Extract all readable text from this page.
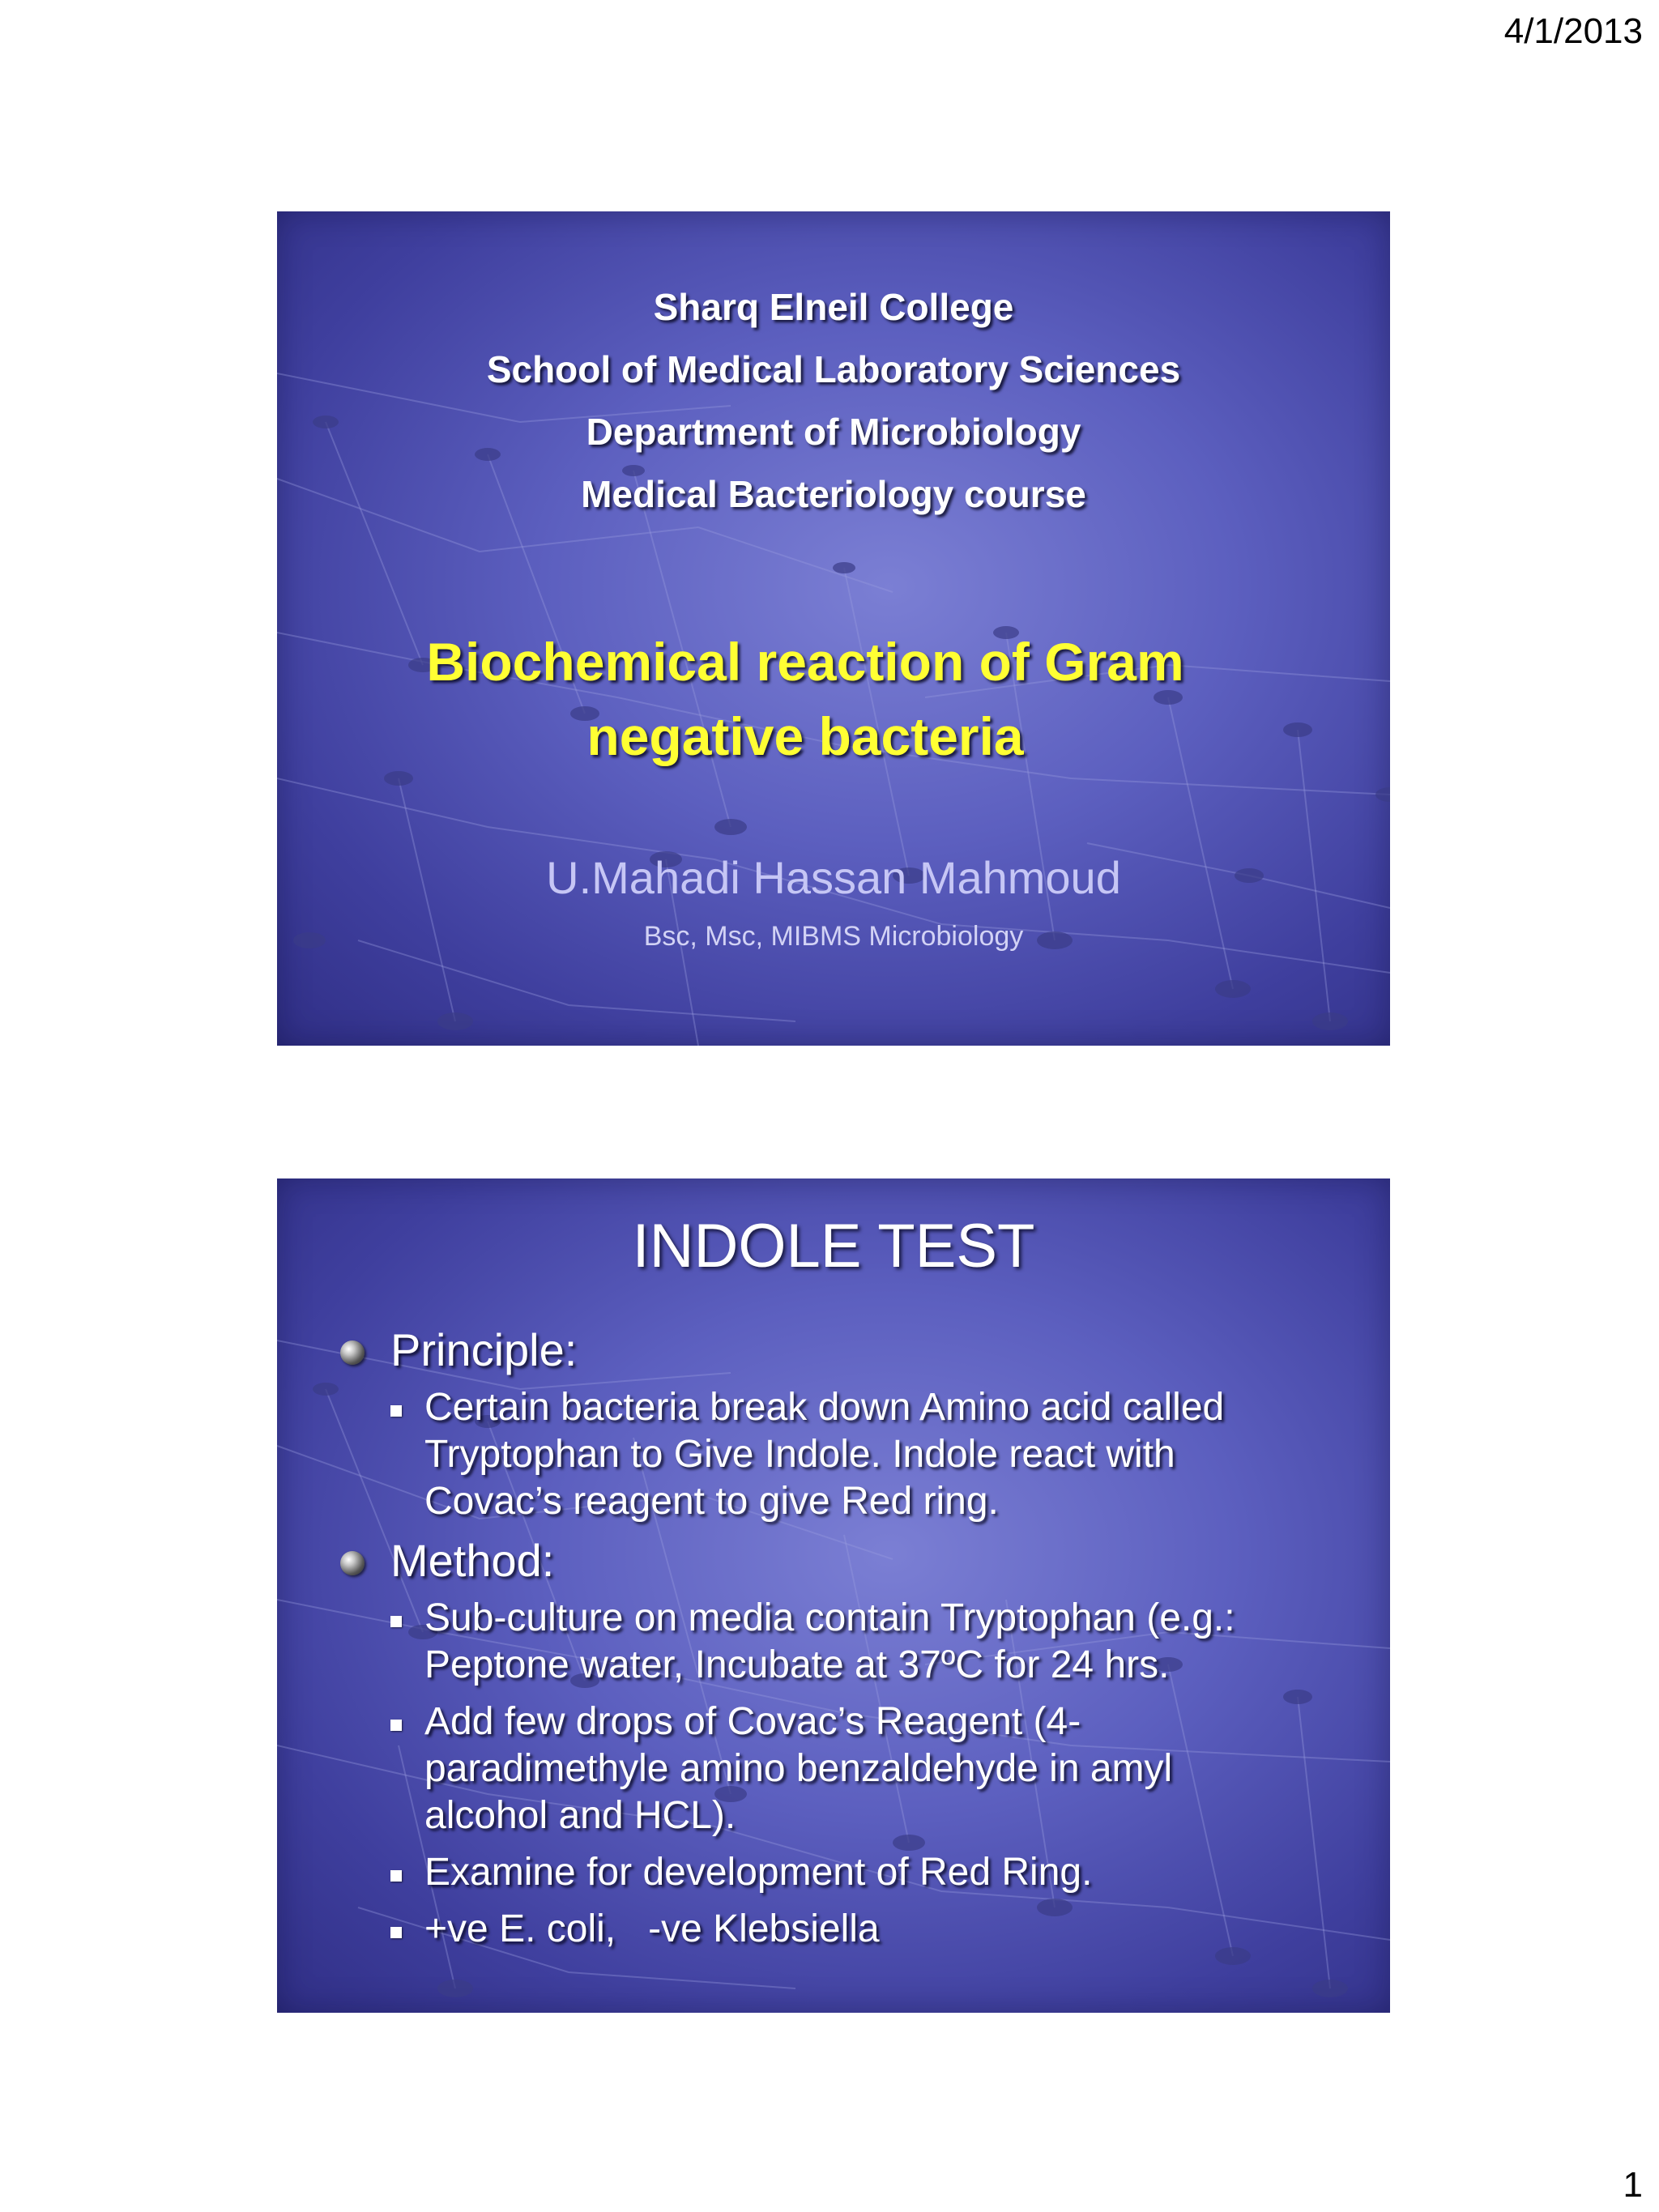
4/1/2013
Sharq Elneil College
School of Medical Laboratory Sciences
Department of Microbiology
Medical Bacteriology course
Biochemical reaction of Gram
negative bacteria
U.Mahadi Hassan Mahmoud
Bsc, Msc, MIBMS Microbiology
INDOLE TEST
Principle:
Certain bacteria break down Amino acid called
Tryptophan to Give Indole. Indole react with
Covac’s reagent to give Red ring.
Method:
Sub-culture on media contain Tryptophan (e.g.:
Peptone water, Incubate at 37ºC for 24 hrs.
Add few drops of Covac’s Reagent (4-
paradimethyle amino benzaldehyde in amyl
alcohol and HCL).
Examine for development of Red Ring.
+ve E. coli,   -ve Klebsiella
1
